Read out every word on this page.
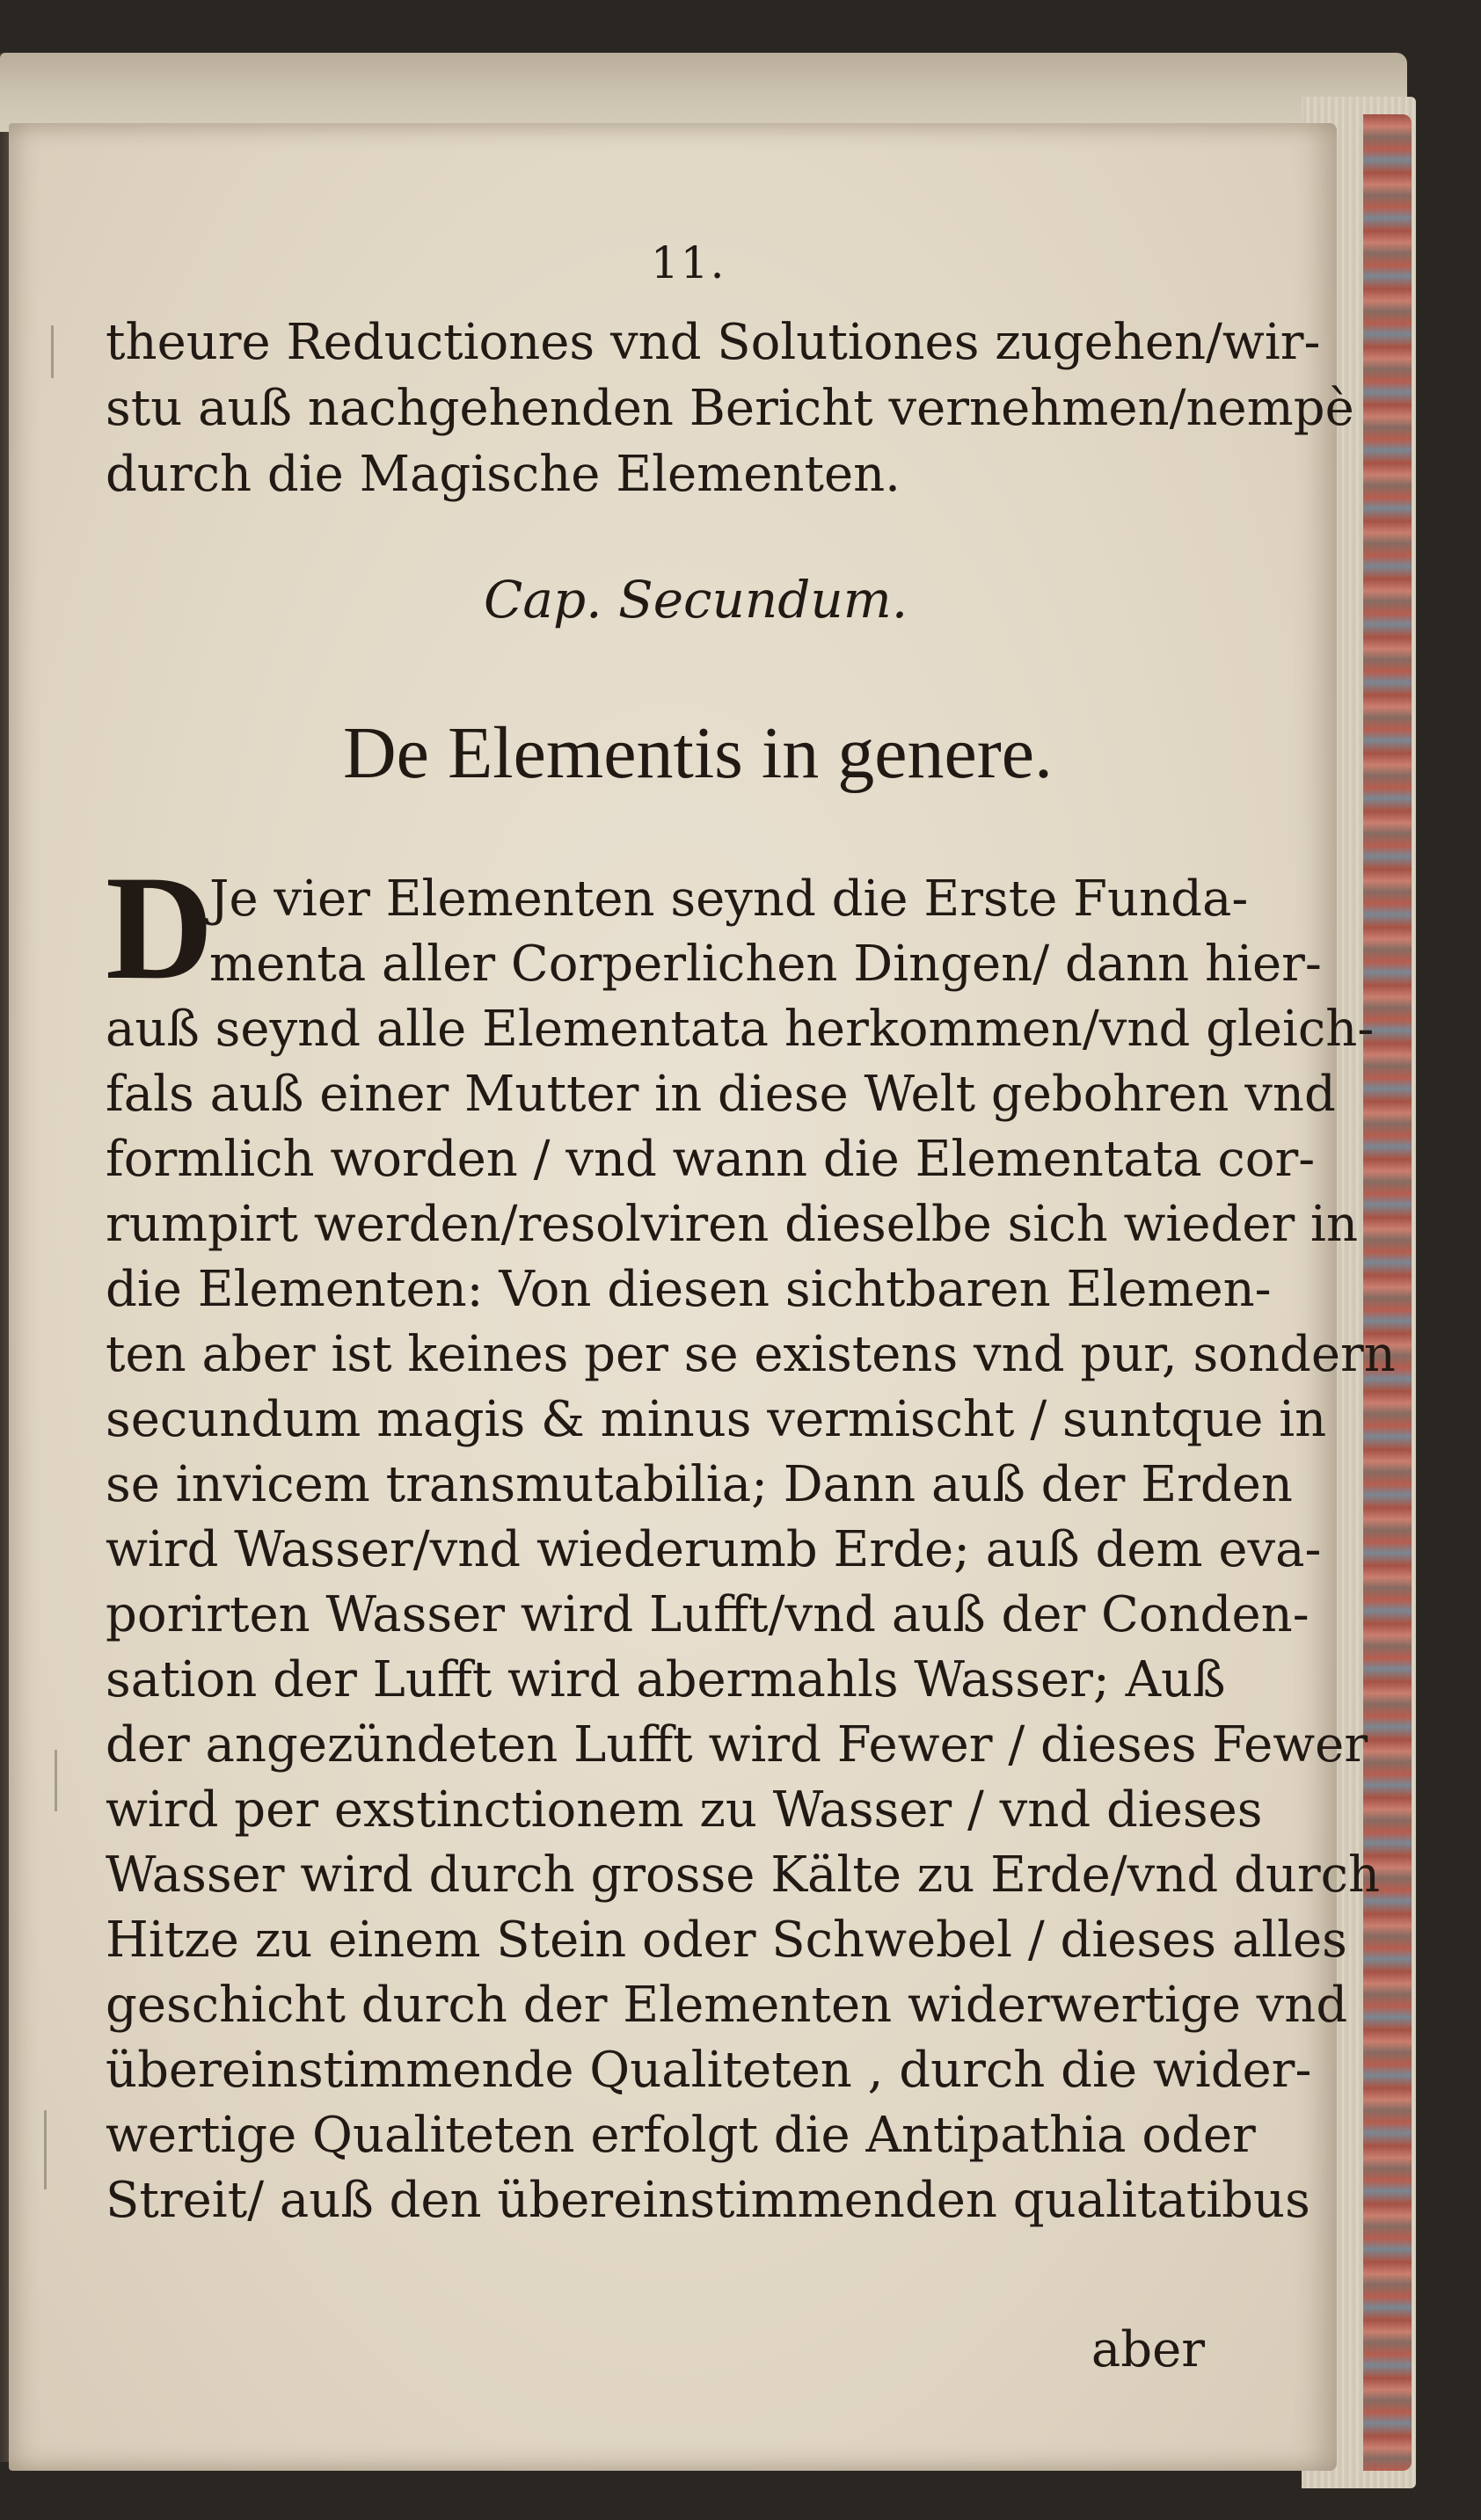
11.
theure Reductiones vnd Solutiones zugehen/wir-
stu auß nachgehenden Bericht vernehmen/nempè
durch die Magische Elementen.
Cap. Secundum.
De Elementis in genere.
D
Je vier Elementen seynd die Erste Funda-
menta aller Corperlichen Dingen/ dann hier-
auß seynd alle Elementata herkommen/vnd gleich-
fals auß einer Mutter in diese Welt gebohren vnd
formlich worden / vnd wann die Elementata cor-
rumpirt werden/resolviren dieselbe sich wieder in
die Elementen: Von diesen sichtbaren Elemen-
ten aber ist keines per se existens vnd pur, sondern
secundum magis & minus vermischt / suntque in
se invicem transmutabilia; Dann auß der Erden
wird Wasser/vnd wiederumb Erde; auß dem eva-
porirten Wasser wird Lufft/vnd auß der Conden-
sation der Lufft wird abermahls Wasser; Auß
der angezündeten Lufft wird Fewer / dieses Fewer
wird per exstinctionem zu Wasser / vnd dieses
Wasser wird durch grosse Kälte zu Erde/vnd durch
Hitze zu einem Stein oder Schwebel / dieses alles
geschicht durch der Elementen widerwertige vnd
übereinstimmende Qualiteten , durch die wider-
wertige Qualiteten erfolgt die Antipathia oder
Streit/ auß den übereinstimmenden qualitatibus
aber
